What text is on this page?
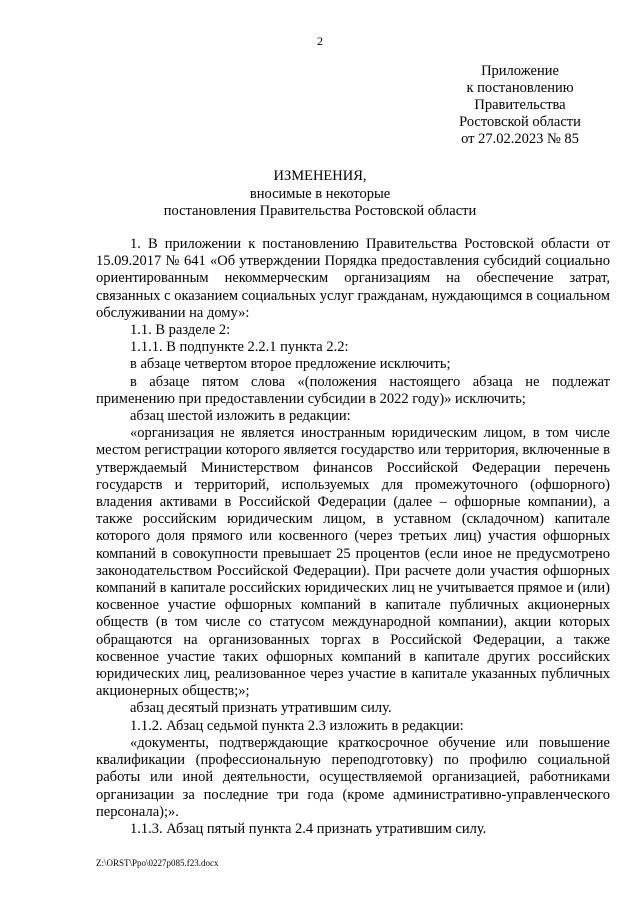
2
Приложение
к постановлению
Правительства
Ростовской области
от 27.02.2023 № 85
ИЗМЕНЕНИЯ,
вносимые в некоторые
постановления Правительства Ростовской области

1. В приложении к постановлению Правительства Ростовской области от 15.09.2017 № 641 «Об утверждении Порядка предоставления субсидий социально ориентированным некоммерческим организациям на обеспечение затрат, связанных с оказанием социальных услуг гражданам, нуждающимся в социальном обслуживании на дому»:

1.1. В разделе 2:

1.1.1. В подпункте 2.2.1 пункта 2.2:

в абзаце четвертом второе предложение исключить;

в абзаце пятом слова «(положения настоящего абзаца не подлежат применению при предоставлении субсидии в 2022 году)» исключить;

абзац шестой изложить в редакции:

«организация не является иностранным юридическим лицом, в том числе местом регистрации которого является государство или территория, включенные в утверждаемый Министерством финансов Российской Федерации перечень государств и территорий, используемых для промежуточного (офшорного) владения активами в Российской Федерации (далее – офшорные компании), а также российским юридическим лицом, в уставном (складочном) капитале которого доля прямого или косвенного (через третьих лиц) участия офшорных компаний в совокупности превышает 25 процентов (если иное не предусмотрено законодательством Российской Федерации). При расчете доли участия офшорных компаний в капитале российских юридических лиц не учитывается прямое и (или) косвенное участие офшорных компаний в капитале публичных акционерных обществ (в том числе со статусом международной компании), акции которых обращаются на организованных торгах в Российской Федерации, а также косвенное участие таких офшорных компаний в капитале других российских юридических лиц, реализованное через участие в капитале указанных публичных акционерных обществ;»;

абзац десятый признать утратившим силу.

1.1.2. Абзац седьмой пункта 2.3 изложить в редакции:

«документы, подтверждающие краткосрочное обучение или повышение квалификации (профессиональную переподготовку) по профилю социальной работы или иной деятельности, осуществляемой организацией, работниками организации за последние три года (кроме административно-управленческого персонала);».

1.1.3. Абзац пятый пункта 2.4 признать утратившим силу.

Z:\ORST\Ppo\0227p085.f23.docx
